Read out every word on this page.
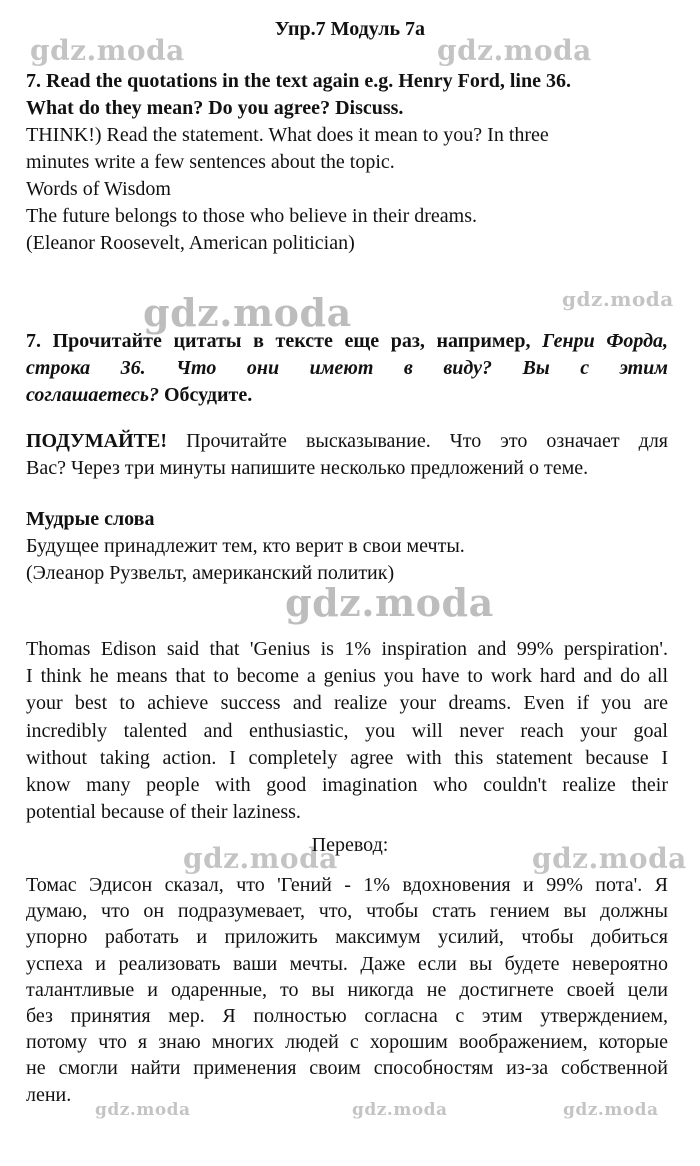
gdz.moda	gdz.moda
gdz.moda	gdz.moda
gdz.moda
gdz.moda	gdz.moda
gdz.moda	gdz.moda	gdz.moda
Упр.7 Модуль 7а
7. Read the quotations in the text again e.g. Henry Ford, line 36.
What do they mean? Do you agree? Discuss.
THINK!) Read the statement. What does it mean to you? In three
minutes write a few sentences about the topic.
Words of Wisdom
The future belongs to those who believe in their dreams.
(Eleanor Roosevelt, American politician)
7. Прочитайте цитаты в тексте еще раз, например, Генри Форда,
строка 36. Что они имеют в виду? Вы с этим
соглашаетесь? Обсудите.
ПОДУМАЙТЕ! Прочитайте высказывание. Что это означает для
Вас? Через три минуты напишите несколько предложений о теме.
Мудрые слова
Будущее принадлежит тем, кто верит в свои мечты.
(Элеанор Рузвельт, американский политик)
Thomas Edison said that 'Genius is 1% inspiration and 99% perspiration'.
I think he means that to become a genius you have to work hard and do all
your best to achieve success and realize your dreams. Even if you are
incredibly talented and enthusiastic, you will never reach your goal
without taking action. I completely agree with this statement because I
know many people with good imagination who couldn't realize their
potential because of their laziness.
Перевод:
Томас Эдисон сказал, что 'Гений - 1% вдохновения и 99% пота'. Я
думаю, что он подразумевает, что, чтобы стать гением вы должны
упорно работать и приложить максимум усилий, чтобы добиться
успеха и реализовать ваши мечты. Даже если вы будете невероятно
талантливые и одаренные, то вы никогда не достигнете своей цели
без принятия мер. Я полностью согласна с этим утверждением,
потому что я знаю многих людей с хорошим воображением, которые
не смогли найти применения своим способностям из-за собственной
лени.
